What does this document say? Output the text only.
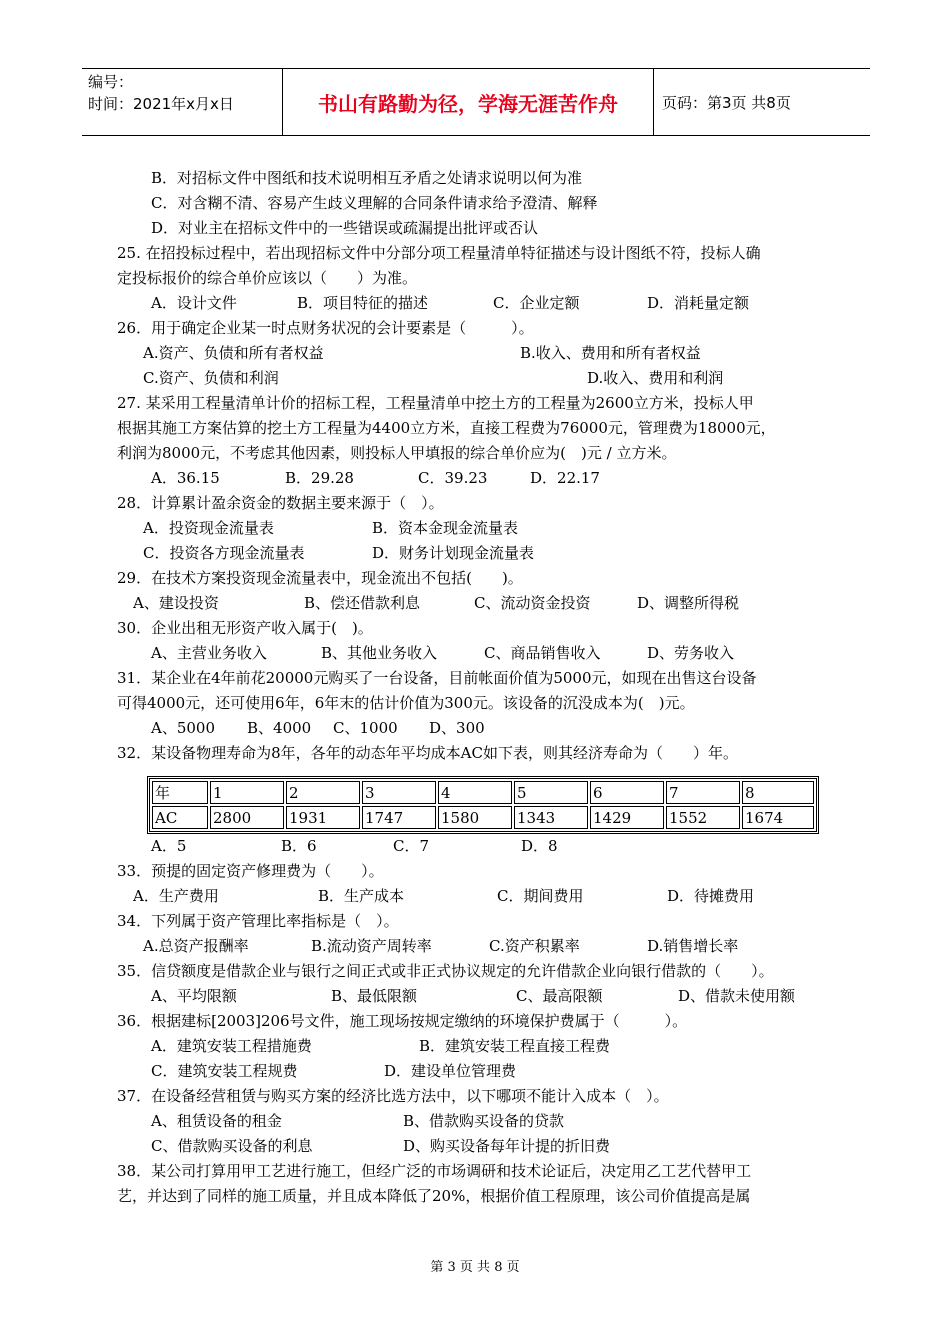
编号：
时间：2021年x月x日	书山有路勤为径，学海无涯苦作舟	页码：第3页 共8页
B．对招标文件中图纸和技术说明相互矛盾之处请求说明以何为准
C．对含糊不清、容易产生歧义理解的合同条件请求给予澄清、解释
D．对业主在招标文件中的一些错误或疏漏提出批评或否认
25. 在招投标过程中，若出现招标文件中分部分项工程量清单特征描述与设计图纸不符，投标人确
定投标报价的综合单价应该以（　　）为准。
A．设计文件	B．项目特征的描述	C．企业定额	D．消耗量定额
26．用于确定企业某一时点财务状况的会计要素是（　　　）。
A.资产、负债和所有者权益	B.收入、费用和所有者权益
C.资产、负债和利润	D.收入、费用和利润
27. 某采用工程量清单计价的招标工程，工程量清单中挖土方的工程量为2600立方米，投标人甲
根据其施工方案估算的挖土方工程量为4400立方米，直接工程费为76000元，管理费为18000元，
利润为8000元，不考虑其他因素，则投标人甲填报的综合单价应为(　)元 / 立方米。
A．36.15	B．29.28	C．39.23	D．22.17
28．计算累计盈余资金的数据主要来源于（　）。
A．投资现金流量表	B．资本金现金流量表
C．投资各方现金流量表	D．财务计划现金流量表
29．在技术方案投资现金流量表中，现金流出不包括(　　)。
A、建设投资	B、偿还借款利息	C、流动资金投资	D、调整所得税
30．企业出租无形资产收入属于(　)。
A、主营业务收入	B、其他业务收入	C、商品销售收入	D、劳务收入
31．某企业在4年前花20000元购买了一台设备，目前帐面价值为5000元，如现在出售这台设备
可得4000元，还可使用6年，6年末的估计价值为300元。该设备的沉没成本为(　)元。
A、5000 B、4000 C、1000 D、300
32．某设备物理寿命为8年，各年的动态年平均成本AC如下表，则其经济寿命为（　　）年。
年	1	2	3	4	5	6	7	8
AC	2800	1931	1747	1580	1343	1429	1552	1674
A．5	B．6	C．7	D．8
33．预提的固定资产修理费为（　　）。
A．生产费用	B．生产成本	C．期间费用	D．待摊费用
34．下列属于资产管理比率指标是（　）。
A.总资产报酬率	B.流动资产周转率	C.资产积累率	D.销售增长率
35．信贷额度是借款企业与银行之间正式或非正式协议规定的允许借款企业向银行借款的（　　）。
A、平均限额	B、最低限额	C、最高限额	D、借款未使用额
36．根据建标[2003]206号文件，施工现场按规定缴纳的环境保护费属于（　　　）。
A．建筑安装工程措施费	B．建筑安装工程直接工程费
C．建筑安装工程规费	D．建设单位管理费
37．在设备经营租赁与购买方案的经济比选方法中，以下哪项不能计入成本（　）。
A、租赁设备的租金	B、借款购买设备的贷款
C、借款购买设备的利息	D、购买设备每年计提的折旧费
38．某公司打算用甲工艺进行施工，但经广泛的市场调研和技术论证后，决定用乙工艺代替甲工
艺，并达到了同样的施工质量，并且成本降低了20%，根据价值工程原理，该公司价值提高是属
第 3 页 共 8 页
